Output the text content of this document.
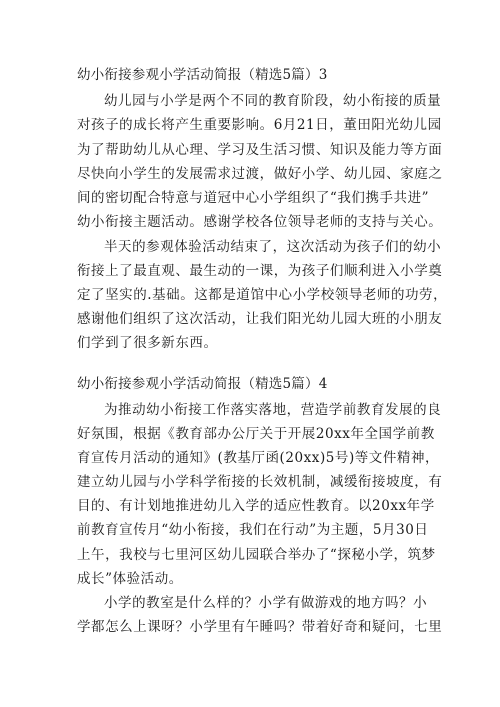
幼小衔接参观小学活动简报（精选5篇）3
幼儿园与小学是两个不同的教育阶段，幼小衔接的质量
对孩子的成长将产生重要影响。6月21日，董田阳光幼儿园
为了帮助幼儿从心理、学习及生活习惯、知识及能力等方面
尽快向小学生的发展需求过渡，做好小学、幼儿园、家庭之
间的密切配合特意与道冠中心小学组织了“我们携手共进”
幼小衔接主题活动。感谢学校各位领导老师的支持与关心。
半天的参观体验活动结束了，这次活动为孩子们的幼小
衔接上了最直观、最生动的一课，为孩子们顺利进入小学奠
定了坚实的.基础。这都是道馆中心小学校领导老师的功劳，
感谢他们组织了这次活动，让我们阳光幼儿园大班的小朋友
们学到了很多新东西。
幼小衔接参观小学活动简报（精选5篇）4
为推动幼小衔接工作落实落地，营造学前教育发展的良
好氛围，根据《教育部办公厅关于开展20xx年全国学前教
育宣传月活动的通知》(教基厅函(20xx)5号)等文件精神，
建立幼儿园与小学科学衔接的长效机制，减缓衔接坡度，有
目的、有计划地推进幼儿入学的适应性教育。以20xx年学
前教育宣传月“幼小衔接，我们在行动”为主题，5月30日
上午，我校与七里河区幼儿园联合举办了“探秘小学，筑梦
成长”体验活动。
小学的教室是什么样的？小学有做游戏的地方吗？小
学都怎么上课呀？小学里有午睡吗？带着好奇和疑问，七里
